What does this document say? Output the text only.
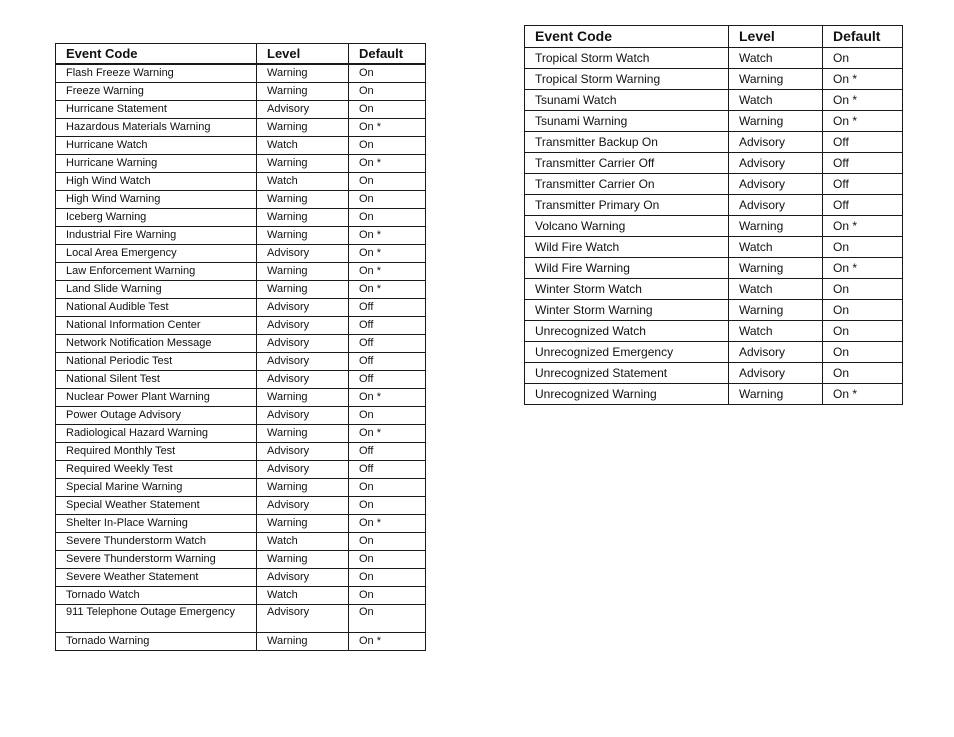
Event Code	Level	Default
Flash Freeze Warning	Warning	On
Freeze Warning	Warning	On
Hurricane Statement	Advisory	On
Hazardous Materials Warning	Warning	On *
Hurricane Watch	Watch	On
Hurricane Warning	Warning	On *
High Wind Watch	Watch	On
High Wind Warning	Warning	On
Iceberg Warning	Warning	On
Industrial Fire Warning	Warning	On *
Local Area Emergency	Advisory	On *
Law Enforcement Warning	Warning	On *
Land Slide Warning	Warning	On *
National Audible Test	Advisory	Off
National Information Center	Advisory	Off
Network Notification Message	Advisory	Off
National Periodic Test	Advisory	Off
National Silent Test	Advisory	Off
Nuclear Power Plant Warning	Warning	On *
Power Outage Advisory	Advisory	On
Radiological Hazard Warning	Warning	On *
Required Monthly Test	Advisory	Off
Required Weekly Test	Advisory	Off
Special Marine Warning	Warning	On
Special Weather Statement	Advisory	On
Shelter In-Place Warning	Warning	On *
Severe Thunderstorm Watch	Watch	On
Severe Thunderstorm Warning	Warning	On
Severe Weather Statement	Advisory	On
Tornado Watch	Watch	On
911 Telephone Outage Emergency	Advisory	On
Tornado Warning	Warning	On *
Event Code	Level	Default
Tropical Storm Watch	Watch	On
Tropical Storm Warning	Warning	On *
Tsunami Watch	Watch	On *
Tsunami Warning	Warning	On *
Transmitter Backup On	Advisory	Off
Transmitter Carrier Off	Advisory	Off
Transmitter Carrier On	Advisory	Off
Transmitter Primary On	Advisory	Off
Volcano Warning	Warning	On *
Wild Fire Watch	Watch	On
Wild Fire Warning	Warning	On *
Winter Storm Watch	Watch	On
Winter Storm Warning	Warning	On
Unrecognized Watch	Watch	On
Unrecognized Emergency	Advisory	On
Unrecognized Statement	Advisory	On
Unrecognized Warning	Warning	On *
